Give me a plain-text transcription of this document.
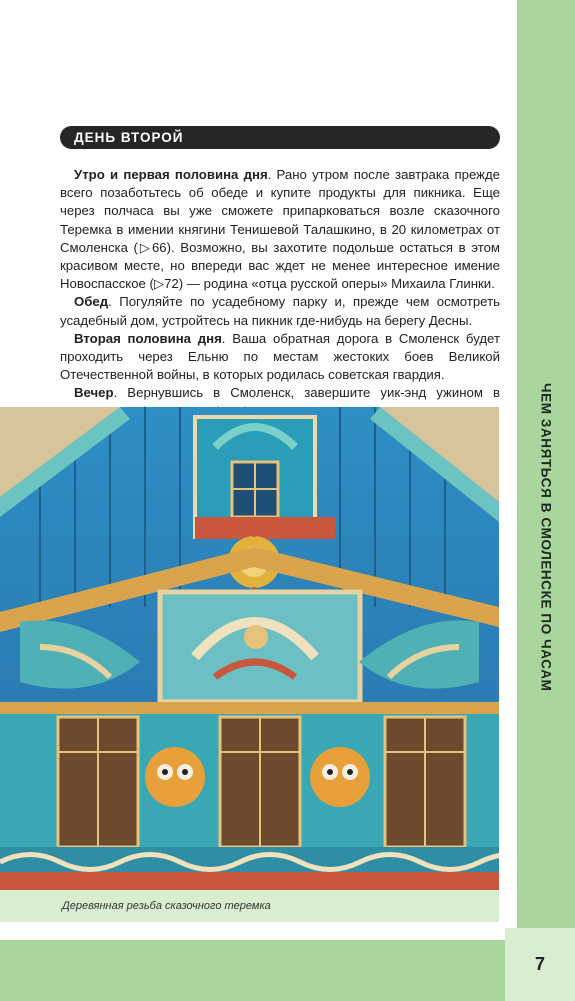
ЧЕМ ЗАНЯТЬСЯ В СМОЛЕНСКЕ ПО ЧАСАМ
ДЕНЬ ВТОРОЙ

Утро и первая половина дня. Рано утром после завтрака прежде всего позаботьтесь об обеде и купите продукты для пикника. Еще через полчаса вы уже сможете припарковаться возле сказочного Теремка в имении княгини Тенишевой Талашкино, в 20 километрах от Смоленска (▷66). Возможно, вы захотите подольше остаться в этом красивом месте, но впереди вас ждет не менее интересное имение Новоспасское (▷72) — родина «отца русской оперы» Михаила Глинки.

Обед. Погуляйте по усадебному парку и, прежде чем осмотреть усадебный дом, устройтесь на пикник где-нибудь на берегу Десны.

Вторая половина дня. Ваша обратная дорога в Смоленск будет проходить через Ельню по местам жестоких боев Великой Отечественной войны, в которых родилась советская гвардия.

Вечер. Вернувшись в Смоленск, завершите уик-энд ужином в

Деревянная резьба сказочного теремка
7
